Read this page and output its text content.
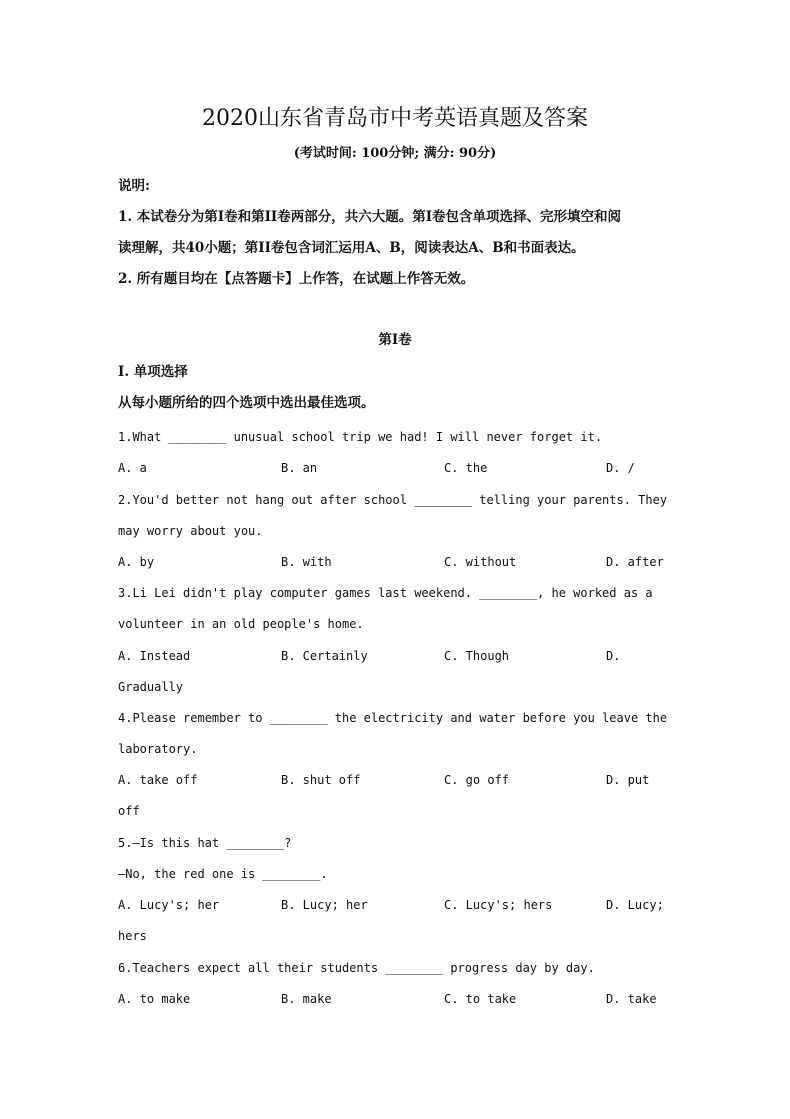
2020山东省青岛市中考英语真题及答案
(考试时间: 100分钟; 满分: 90分)
说明:
1. 本试卷分为第I卷和第II卷两部分，共六大题。第I卷包含单项选择、完形填空和阅
读理解，共40小题；第II卷包含词汇运用A、B，阅读表达A、B和书面表达。
2. 所有题目均在【点答题卡】上作答，在试题上作答无效。
第I卷
I. 单项选择
从每小题所给的四个选项中选出最佳选项。
1.What ________ unusual school trip we had! I will never forget it.
A. a	B. an	C. the	D. /
2.You'd better not hang out after school ________ telling your parents. They
may worry about you.
A. by	B. with	C. without	D. after
3.Li Lei didn't play computer games last weekend. ________, he worked as a
volunteer in an old people's home.
A. Instead	B. Certainly	C. Though	D.
Gradually
4.Please remember to ________ the electricity and water before you leave the
laboratory.
A. take off	B. shut off	C. go off	D. put
off
5.—Is this hat ________?
—No, the red one is ________.
A. Lucy's; her	B. Lucy; her	C. Lucy's; hers	D. Lucy;
hers
6.Teachers expect all their students ________ progress day by day.
A. to make	B. make	C. to take	D. take
